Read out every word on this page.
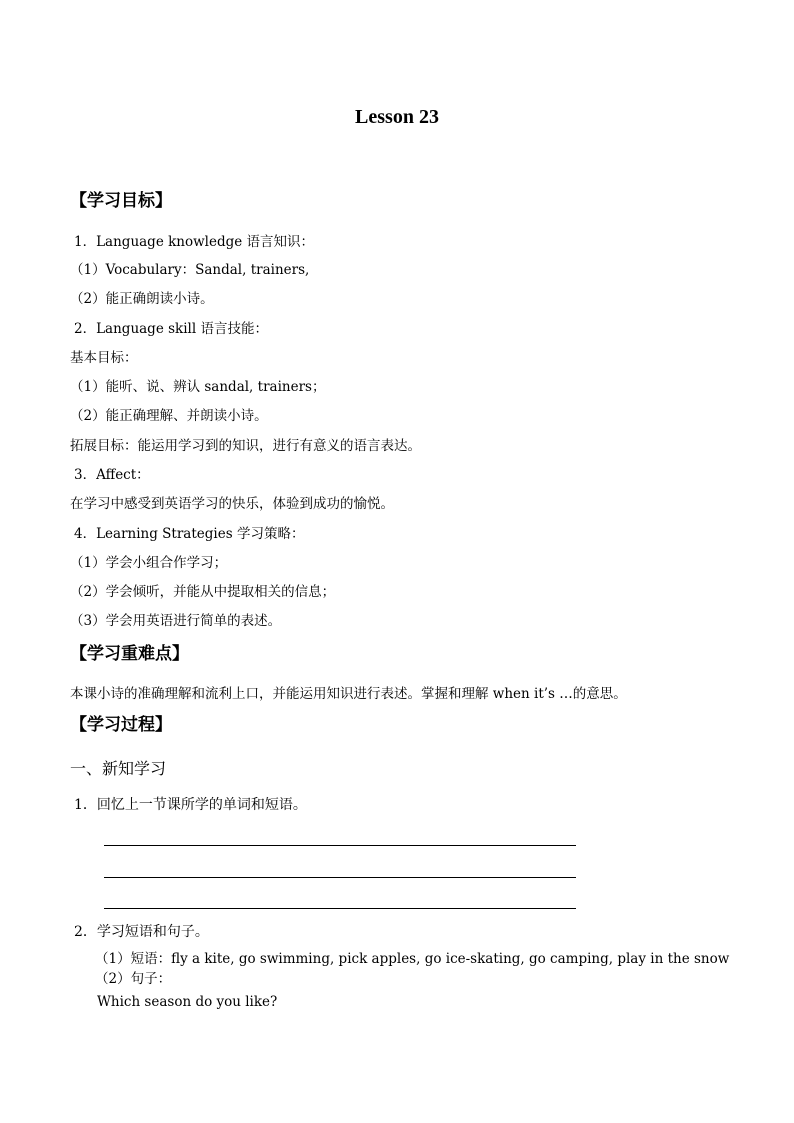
Lesson 23
【学习目标】
1．Language knowledge 语言知识：
（1）Vocabulary：Sandal, trainers,
（2）能正确朗读小诗。
2．Language skill 语言技能：
基本目标：
（1）能听、说、辨认 sandal, trainers；
（2）能正确理解、并朗读小诗。
拓展目标：能运用学习到的知识，进行有意义的语言表达。
3．Affect：
在学习中感受到英语学习的快乐，体验到成功的愉悦。
4．Learning Strategies 学习策略：
（1）学会小组合作学习；
（2）学会倾听，并能从中提取相关的信息；
（3）学会用英语进行简单的表述。
【学习重难点】
本课小诗的准确理解和流利上口，并能运用知识进行表述。掌握和理解 when it’s …的意思。
【学习过程】
一、新知学习
1．回忆上一节课所学的单词和短语。
2．学习短语和句子。
（1）短语：fly a kite, go swimming, pick apples, go ice-skating, go camping, play in the snow
（2）句子：
Which season do you like?
